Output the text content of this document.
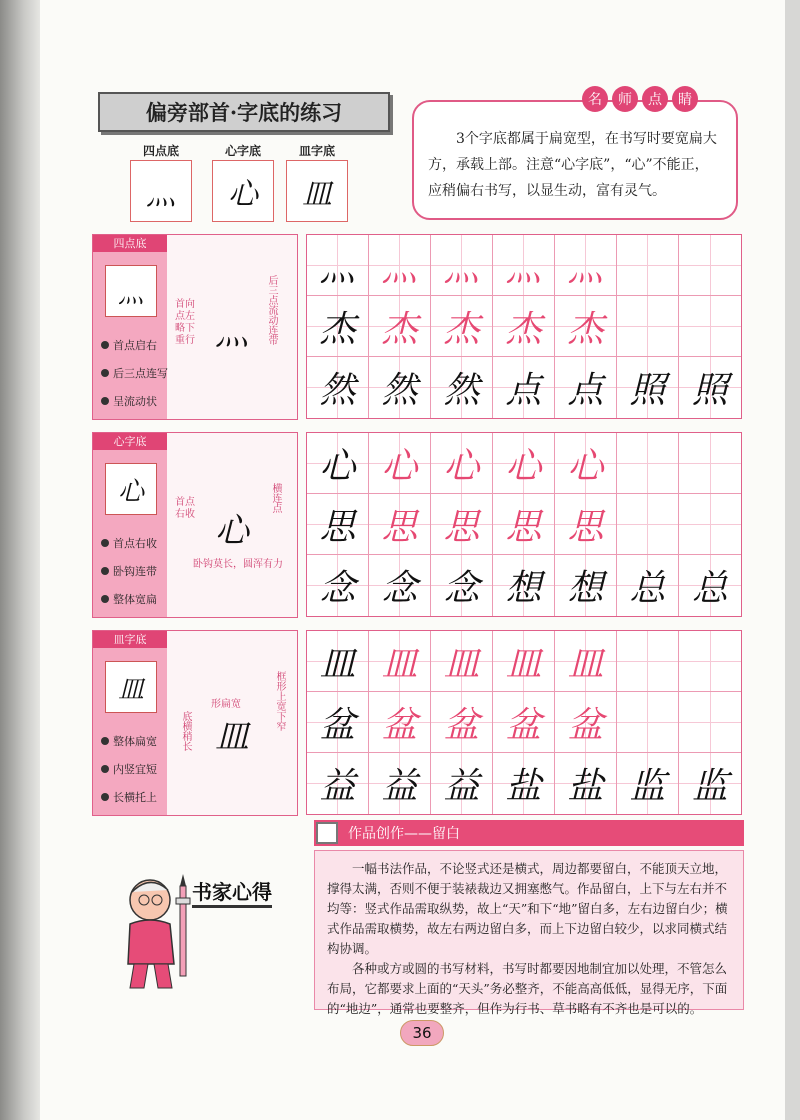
偏旁部首·字底的练习
四点底
灬
心字底
心
皿字底
皿
3个字底都属于扁宽型，在书写时要宽扁大方，承载上部。注意“心字底”，“心”不能正，应稍偏右书写，以显生动，富有灵气。
名	师	点	睛
四点底
灬
首点启右
后三点连写
呈流动状
首向点左略下重行 灬 后三点流动连带
灬 灬 灬 灬 灬
杰 杰 杰 杰 杰
然 然 然 点 点 照 照
心字底
心
首点右收
卧钩连带
整体宽扁
首点右收 心
横连点
卧钩莫长，圆浑有力
心 心 心 心 心
思 思 思 思 思
念 念 念 想 想 总 总
皿字底
皿
整体扁宽
内竖宜短
长横托上
形扁宽
皿
底横稍长	框形上宽下窄
皿 皿 皿 皿 皿
盆 盆 盆 盆 盆
益 益 益 盐 盐 监 监
作品创作——留白

一幅书法作品，不论竖式还是横式，周边都要留白，不能顶天立地，撑得太满，否则不便于装裱裁边又拥塞憋气。作品留白，上下与左右并不均等：竖式作品需取纵势，故上“天”和下“地”留白多，左右边留白少；横式作品需取横势，故左右两边留白多，而上下边留白较少，以求同横式结构协调。

各种或方或圆的书写材料，书写时都要因地制宜加以处理，不管怎么布局，它都要求上面的“天头”务必整齐，不能高高低低，显得无序，下面的“地边”，通常也要整齐，但作为行书、草书略有不齐也是可以的。

书家心得
36
